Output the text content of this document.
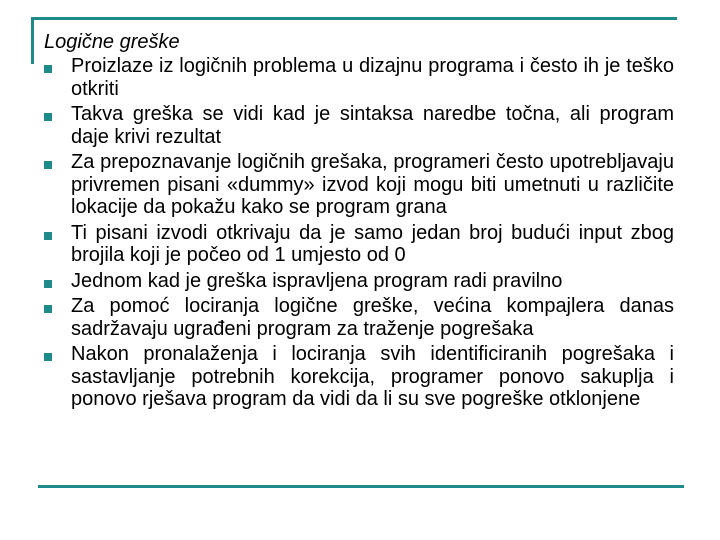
Logične greške

Proizlaze iz logičnih problema u dizajnu programa i često ih je teško otkriti
Takva greška se vidi kad je sintaksa naredbe točna, ali program daje krivi rezultat
Za prepoznavanje logičnih grešaka, programeri često upotrebljavaju privremen pisani «dummy» izvod koji mogu biti umetnuti u različite lokacije da pokažu kako se program grana
Ti pisani izvodi otkrivaju da je samo jedan broj budući input zbog brojila koji je počeo od 1 umjesto od 0
Jednom kad je greška ispravljena program radi pravilno
Za pomoć lociranja logične greške, većina kompajlera danas sadržavaju ugrađeni program za traženje pogrešaka
Nakon pronalaženja i lociranja svih identificiranih pogrešaka i sastavljanje potrebnih korekcija, programer ponovo sakuplja i ponovo rješava program da vidi da li su sve pogreške otklonjene
